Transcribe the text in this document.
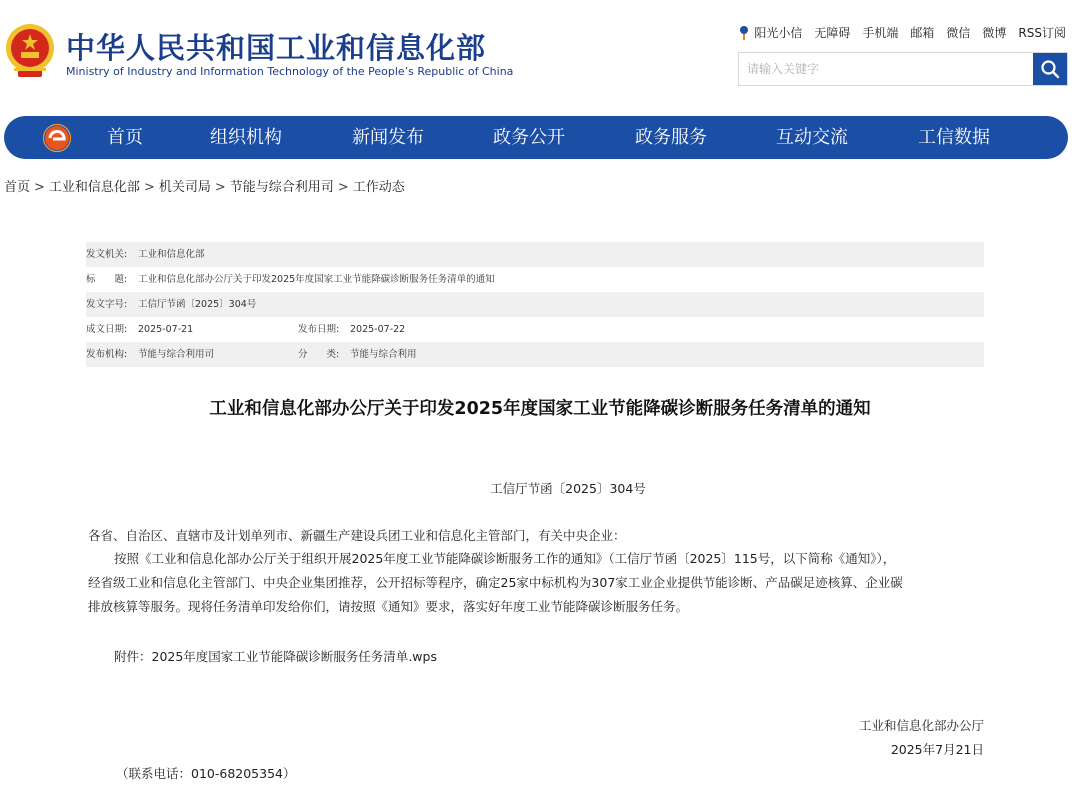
中华人民共和国工业和信息化部
Ministry of Industry and Information Technology of the People’s Republic of China
阳光小信 无障碍 手机端 邮箱 微信 微博 RSS订阅
请输入关键字
首页	组织机构	新闻发布	政务公开	政务服务	互动交流	工信数据
首页 > 工业和信息化部 > 机关司局 > 节能与综合利用司 > 工作动态
发文机关: 工业和信息化部
标　　题: 工业和信息化部办公厅关于印发2025年度国家工业节能降碳诊断服务任务清单的通知
发文字号: 工信厅节函〔2025〕304号
成文日期: 2025-07-21	发布日期: 2025-07-22
发布机构: 节能与综合利用司	分　　类: 节能与综合利用
工业和信息化部办公厅关于印发2025年度国家工业节能降碳诊断服务任务清单的通知
工信厅节函〔2025〕304号
各省、自治区、直辖市及计划单列市、新疆生产建设兵团工业和信息化主管部门，有关中央企业：
按照《工业和信息化部办公厅关于组织开展2025年度工业节能降碳诊断服务工作的通知》（工信厅节函〔2025〕115号，以下简称《通知》），
经省级工业和信息化主管部门、中央企业集团推荐，公开招标等程序，确定25家中标机构为307家工业企业提供节能诊断、产品碳足迹核算、企业碳
排放核算等服务。现将任务清单印发给你们，请按照《通知》要求，落实好年度工业节能降碳诊断服务任务。
附件：2025年度国家工业节能降碳诊断服务任务清单.wps
工业和信息化部办公厅
2025年7月21日
（联系电话：010-68205354）
